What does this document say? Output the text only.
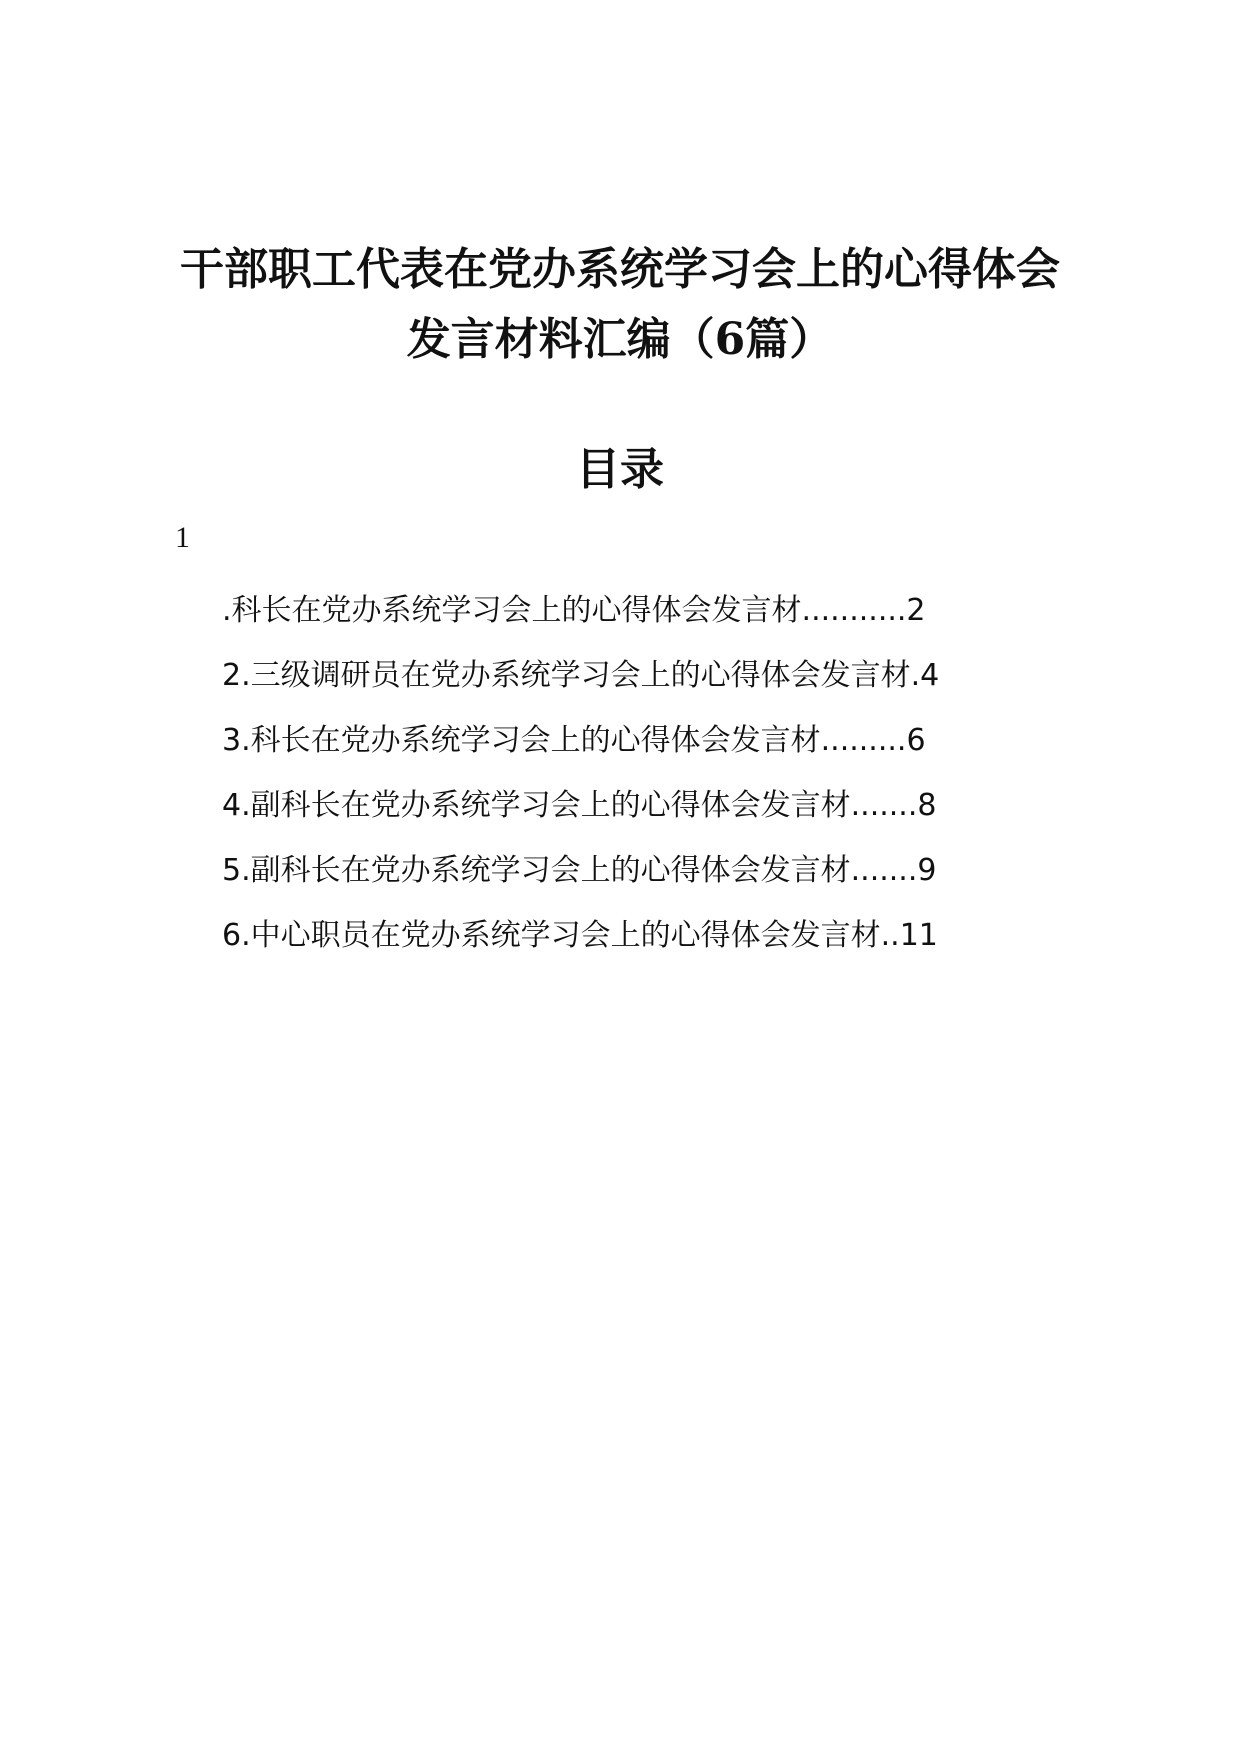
干部职工代表在党办系统学习会上的心得体会
发言材料汇编（6篇）
目录
1
.科长在党办系统学习会上的心得体会发言材...........2
2.三级调研员在党办系统学习会上的心得体会发言材.4
3.科长在党办系统学习会上的心得体会发言材.........6
4.副科长在党办系统学习会上的心得体会发言材.......8
5.副科长在党办系统学习会上的心得体会发言材.......9
6.中心职员在党办系统学习会上的心得体会发言材..11
